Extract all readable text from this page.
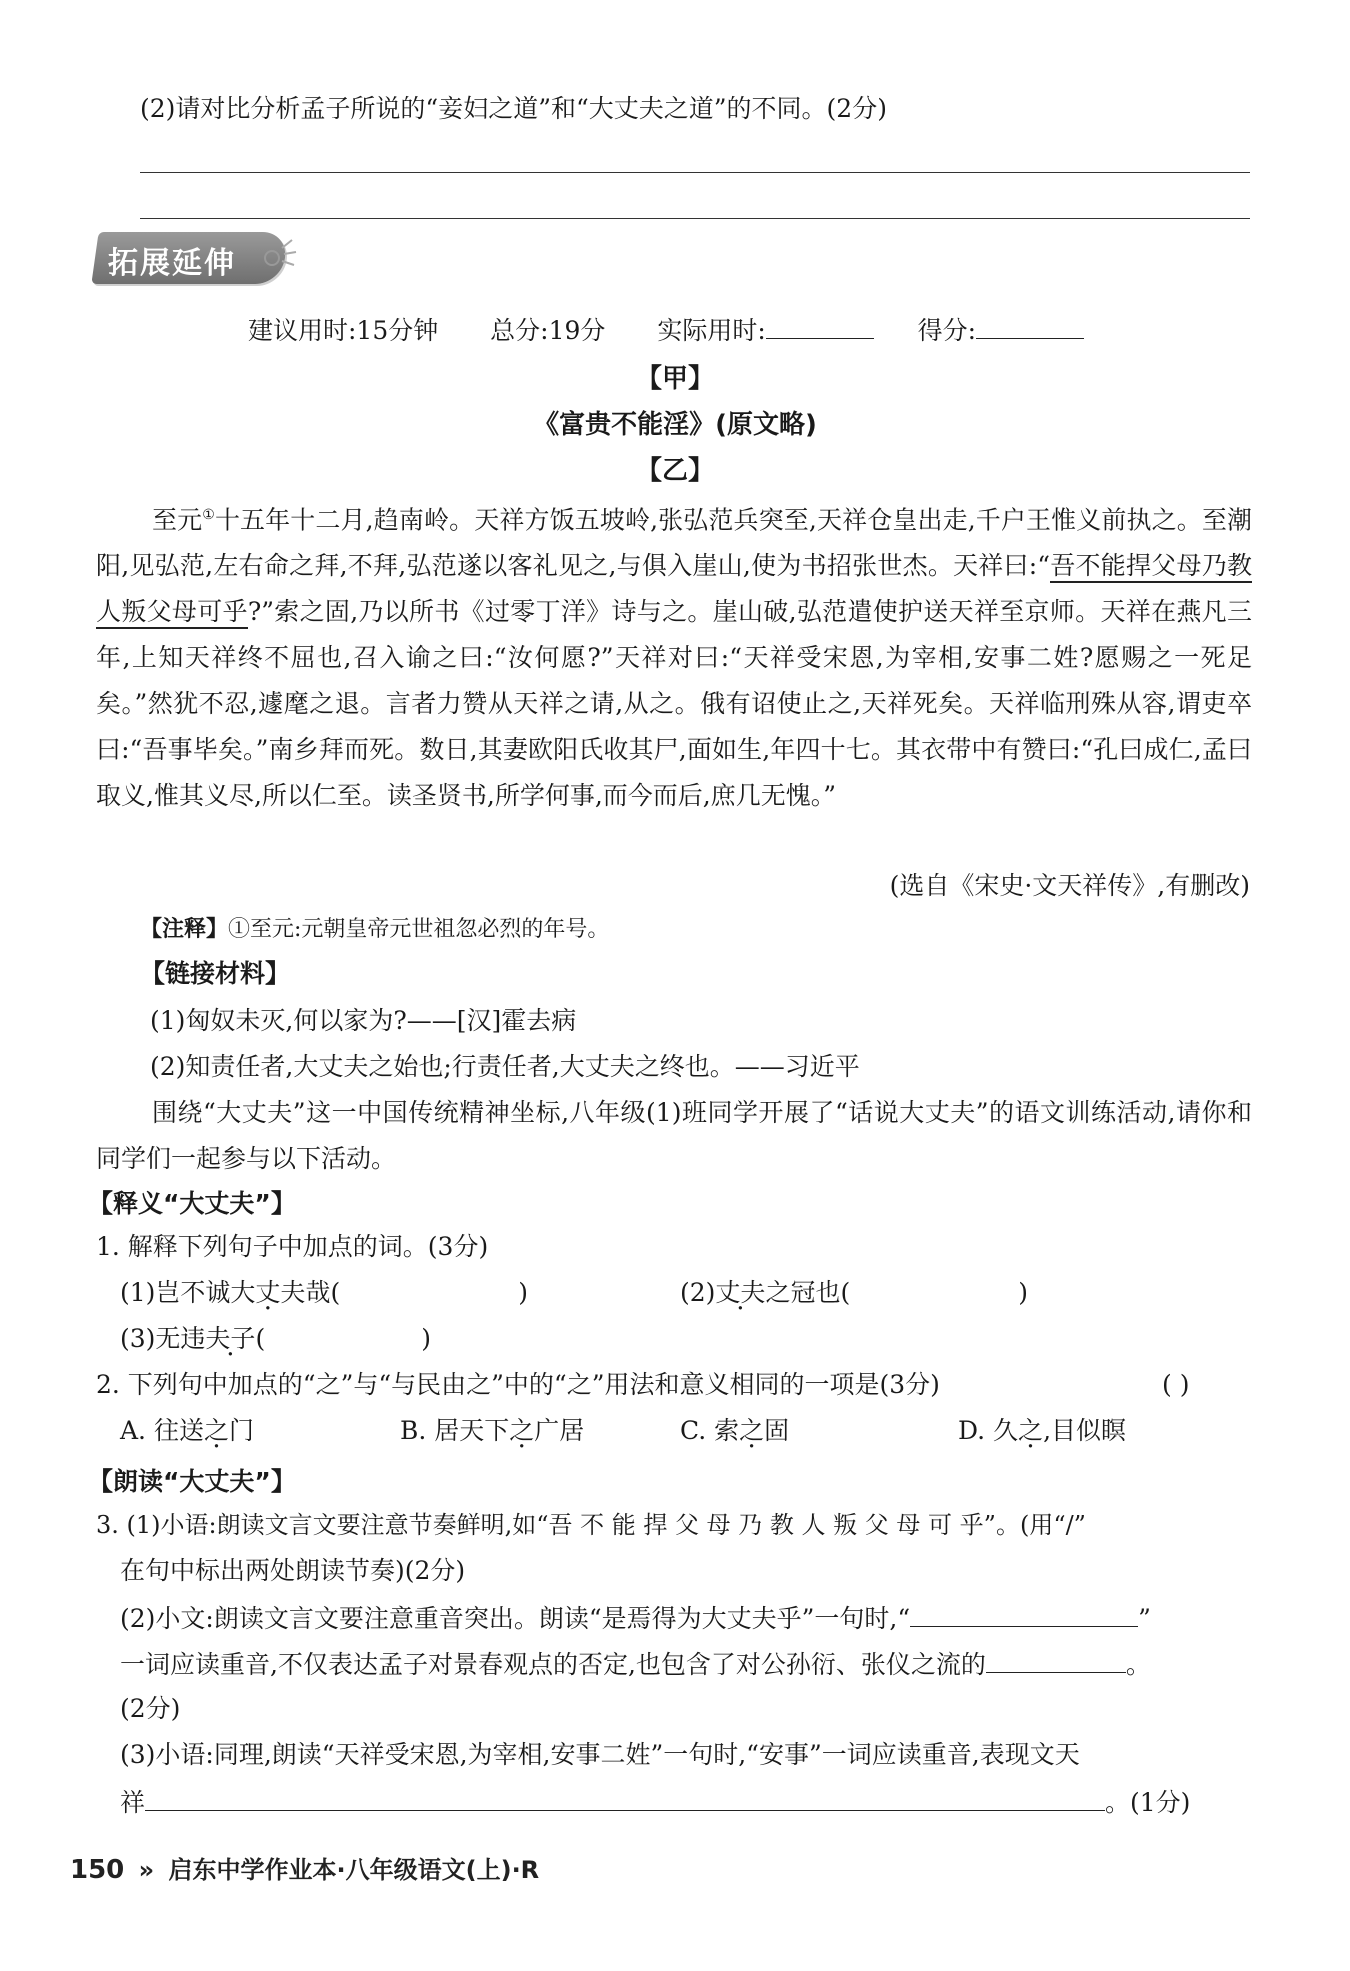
(2)请对比分析孟子所说的“妾妇之道”和“大丈夫之道”的不同。(2分)
拓展延伸
建议用时:15分钟 总分:19分 实际用时:	得分:
【甲】
《富贵不能淫》(原文略)
【乙】
至元①十五年十二月,趋南岭。天祥方饭五坡岭,张弘范兵突至,天祥仓皇出走,千户王惟义前执之。至潮阳,见弘范,左右命之拜,不拜,弘范遂以客礼见之,与俱入崖山,使为书招张世杰。天祥曰:“吾不能捍父母乃教人叛父母可乎?”索之固,乃以所书《过零丁洋》诗与之。崖山破,弘范遣使护送天祥至京师。天祥在燕凡三年,上知天祥终不屈也,召入谕之曰:“汝何愿?”天祥对曰:“天祥受宋恩,为宰相,安事二姓?愿赐之一死足矣。”然犹不忍,遽麾之退。言者力赞从天祥之请,从之。俄有诏使止之,天祥死矣。天祥临刑殊从容,谓吏卒曰:“吾事毕矣。”南乡拜而死。数日,其妻欧阳氏收其尸,面如生,年四十七。其衣带中有赞曰:“孔曰成仁,孟曰取义,惟其义尽,所以仁至。读圣贤书,所学何事,而今而后,庶几无愧。”
(选自《宋史·文天祥传》,有删改)
【注释】①至元:元朝皇帝元世祖忽必烈的年号。
【链接材料】
(1)匈奴未灭,何以家为?——[汉]霍去病
(2)知责任者,大丈夫之始也;行责任者,大丈夫之终也。——习近平
围绕“大丈夫”这一中国传统精神坐标,八年级(1)班同学开展了“话说大丈夫”的语文训练活动,请你和同学们一起参与以下活动。
【释义“大丈夫”】
1. 解释下列句子中加点的词。(3分)
(1)岂不诚大丈夫哉(	)	(2)丈夫之冠也(	)
(3)无违夫子(	)
2. 下列句中加点的“之”与“与民由之”中的“之”用法和意义相同的一项是(3分)	( )
A. 往送之门	B. 居天下之广居	C. 索之固	D. 久之,目似瞑
【朗读“大丈夫”】
3. (1)小语:朗读文言文要注意节奏鲜明,如“吾 不 能 捍 父 母 乃 教 人 叛 父 母 可 乎”。(用“/”
在句中标出两处朗读节奏)(2分)
(2)小文:朗读文言文要注意重音突出。朗读“是焉得为大丈夫乎”一句时,“	”
一词应读重音,不仅表达孟子对景春观点的否定,也包含了对公孙衍、张仪之流的	。
(2分)
(3)小语:同理,朗读“天祥受宋恩,为宰相,安事二姓”一句时,“安事”一词应读重音,表现文天
祥	。(1分)
150 » 启东中学作业本·八年级语文(上)·R
